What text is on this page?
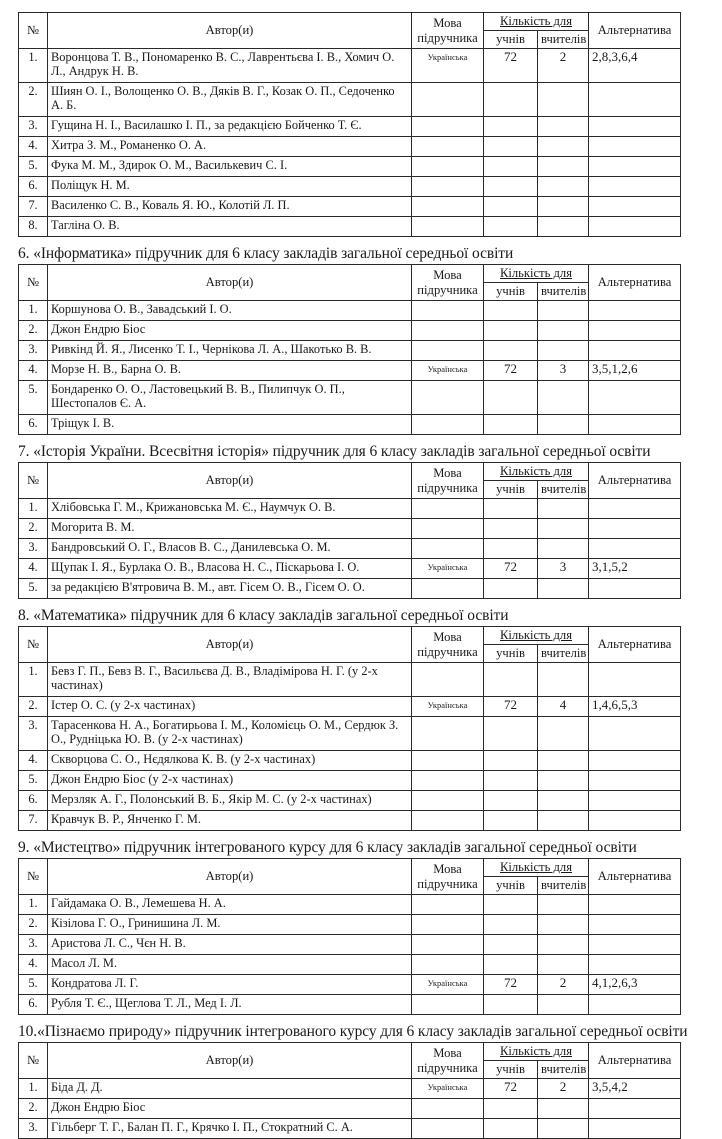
№	Автор(и)	Мова підручника	Кількість для		Альтернатива
			учнів	вчителів	
1.	Воронцова Т. В., Пономаренко В. С., Лаврентьєва І. В., Хомич О. Л., Андрук Н. В.	Українська	72	2	2,8,3,6,4
2.	Шиян О. І., Волощенко О. В., Дяків В. Г., Козак О. П., Седоченко А. Б.				
3.	Гущина Н. І., Василашко І. П., за редакцією Бойченко Т. Є.				
4.	Хитра З. М., Романенко О. А.				
5.	Фука М. М., Здирок О. М., Василькевич С. І.				
6.	Поліщук Н. М.				
7.	Василенко С. В., Коваль Я. Ю., Колотій Л. П.				
8.	Тагліна О. В.				
6. «Інформатика» підручник для 6 класу закладів загальної середньої освіти
№	Автор(и)	Мова підручника	Кількість для		Альтернатива
			учнів	вчителів	
1.	Коршунова О. В., Завадський І. О.				
2.	Джон Ендрю Біос				
3.	Ривкінд Й. Я., Лисенко Т. І., Чернікова Л. А., Шакотько В. В.				
4.	Морзе Н. В., Барна О. В.	Українська	72	3	3,5,1,2,6
5.	Бондаренко О. О., Ластовецький В. В., Пилипчук О. П., Шестопалов Є. А.				
6.	Тріщук І. В.				
7. «Історія України. Всесвітня історія» підручник для 6 класу закладів загальної середньої освіти
№	Автор(и)	Мова підручника	Кількість для		Альтернатива
			учнів	вчителів	
1.	Хлібовська Г. М., Крижановська М. Є., Наумчук О. В.				
2.	Могорита В. М.				
3.	Бандровський О. Г., Власов В. С., Данилевська О. М.				
4.	Щупак І. Я., Бурлака О. В., Власова Н. С., Піскарьова І. О.	Українська	72	3	3,1,5,2
5.	за редакцією В'ятровича В. М., авт. Гісем О. В., Гісем О. О.				
8. «Математика» підручник для 6 класу закладів загальної середньої освіти
№	Автор(и)	Мова підручника	Кількість для		Альтернатива
			учнів	вчителів	
1.	Бевз Г. П., Бевз В. Г., Васильєва Д. В., Владімірова Н. Г. (у 2-х частинах)				
2.	Істер О. С. (у 2-х частинах)	Українська	72	4	1,4,6,5,3
3.	Тарасенкова Н. А., Богатирьова І. М., Коломієць О. М., Сердюк З. О., Рудніцька Ю. В. (у 2-х частинах)				
4.	Скворцова С. О., Нєдялкова К. В. (у 2-х частинах)				
5.	Джон Ендрю Біос (у 2-х частинах)				
6.	Мерзляк А. Г., Полонський В. Б., Якір М. С. (у 2-х частинах)				
7.	Кравчук В. Р., Янченко Г. М.				
9. «Мистецтво» підручник інтегрованого курсу для 6 класу закладів загальної середньої освіти
№	Автор(и)	Мова підручника	Кількість для		Альтернатива
			учнів	вчителів	
1.	Гайдамака О. В., Лемешева Н. А.				
2.	Кізілова Г. О., Гринишина Л. М.				
3.	Аристова Л. С., Чєн Н. В.				
4.	Масол Л. М.				
5.	Кондратова Л. Г.	Українська	72	2	4,1,2,6,3
6.	Рубля Т. Є., Щеглова Т. Л., Мед І. Л.				
10.«Пізнаємо природу» підручник інтегрованого курсу для 6 класу закладів загальної середньої освіти
№	Автор(и)	Мова підручника	Кількість для		Альтернатива
			учнів	вчителів	
1.	Біда Д. Д.	Українська	72	2	3,5,4,2
2.	Джон Ендрю Біос				
3.	Гільберг Т. Г., Балан П. Г., Крячко І. П., Стократний С. А.				
